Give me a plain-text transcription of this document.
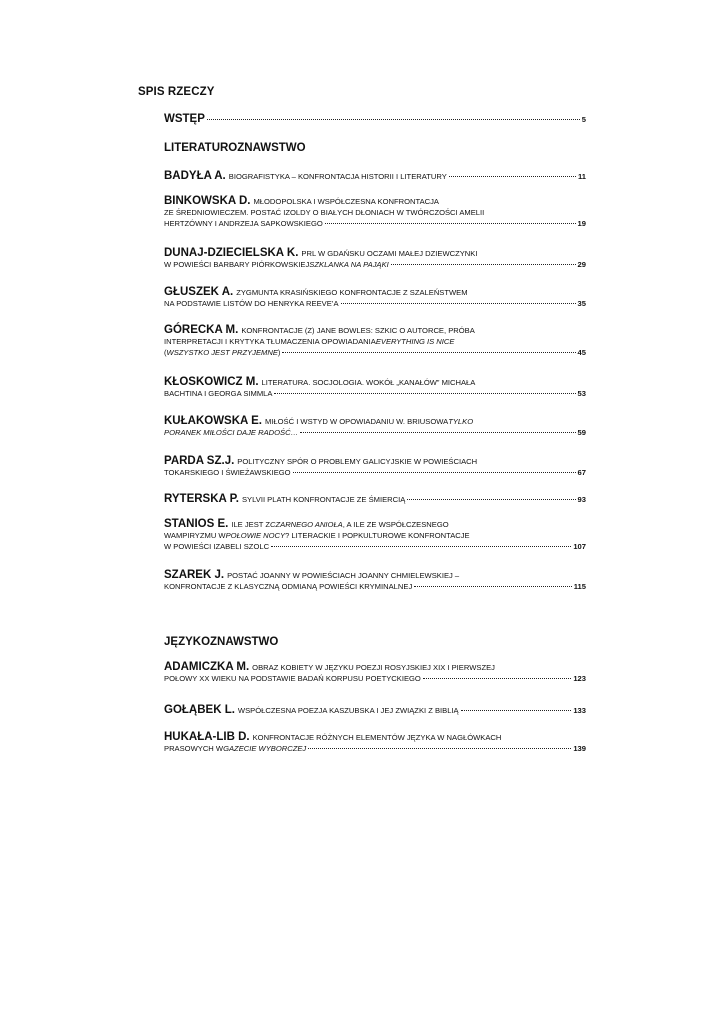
SPIS RZECZY
WSTĘP	5
LITERATUROZNAWSTWO
BADYŁA A. BIOGRAFISTYKA – KONFRONTACJA HISTORII I LITERATURY	11
BINKOWSKA D. MŁODOPOLSKA I WSPÓŁCZESNA KONFRONTACJA
ZE ŚREDNIOWIECZEM. POSTAĆ IZOLDY O BIAŁYCH DŁONIACH W TWÓRCZOŚCI AMELII
HERTZÓWNY I ANDRZEJA SAPKOWSKIEGO	19
DUNAJ-DZIECIELSKA K. PRL W GDAŃSKU OCZAMI MAŁEJ DZIEWCZYNKI
W POWIEŚCI BARBARY PIÓRKOWSKIEJ SZKLANKA NA PAJĄKI	29
GŁUSZEK A. ZYGMUNTA KRASIŃSKIEGO KONFRONTACJE Z SZALEŃSTWEM
NA PODSTAWIE LISTÓW DO HENRYKA REEVE’A	35
GÓRECKA M. KONFRONTACJE (Z) JANE BOWLES: SZKIC O AUTORCE, PRÓBA
INTERPRETACJI I KRYTYKA TŁUMACZENIA OPOWIADANIA EVERYTHING IS NICE
( WSZYSTKO JEST PRZYJEMNE )	45
KŁOSKOWICZ M. LITERATURA. SOCJOLOGIA. WOKÓŁ „KANAŁÓW” MICHAŁA
BACHTINA I GEORGA SIMMLA	53
KUŁAKOWSKA E. MIŁOŚĆ I WSTYD W OPOWIADANIU W. BRIUSOWA TYLKO
PORANEK MIŁOŚCI DAJE RADOŚĆ…	59
PARDA SZ.J. POLITYCZNY SPÓR O PROBLEMY GALICYJSKIE W POWIEŚCIACH
TOKARSKIEGO I ŚWIEŻAWSKIEGO	67
RYTERSKA P. SYLVII PLATH KONFRONTACJE ZE ŚMIERCIĄ	93
STANIOS E. ILE JEST Z CZARNEGO ANIOŁA , A ILE ZE WSPÓŁCZESNEGO
WAMPIRYZMU W POŁOWIE NOCY ? LITERACKIE I POPKULTUROWE KONFRONTACJE
W POWIEŚCI IZABELI SZOLC	107
SZAREK J. POSTAĆ JOANNY W POWIEŚCIACH JOANNY CHMIELEWSKIEJ –
KONFRONTACJE Z KLASYCZNĄ ODMIANĄ POWIEŚCI KRYMINALNEJ	115
JĘZYKOZNAWSTWO
ADAMICZKA M. OBRAZ KOBIETY W JĘZYKU POEZJI ROSYJSKIEJ XIX I PIERWSZEJ
POŁOWY XX WIEKU NA PODSTAWIE BADAŃ KORPUSU POETYCKIEGO	123
GOŁĄBEK L. WSPÓŁCZESNA POEZJA KASZUBSKA I JEJ ZWIĄZKI Z BIBLIĄ	133
HUKAŁA-LIB D. KONFRONTACJE RÓŻNYCH ELEMENTÓW JĘZYKA W NAGŁÓWKACH
PRASOWYCH W GAZECIE WYBORCZEJ	139
